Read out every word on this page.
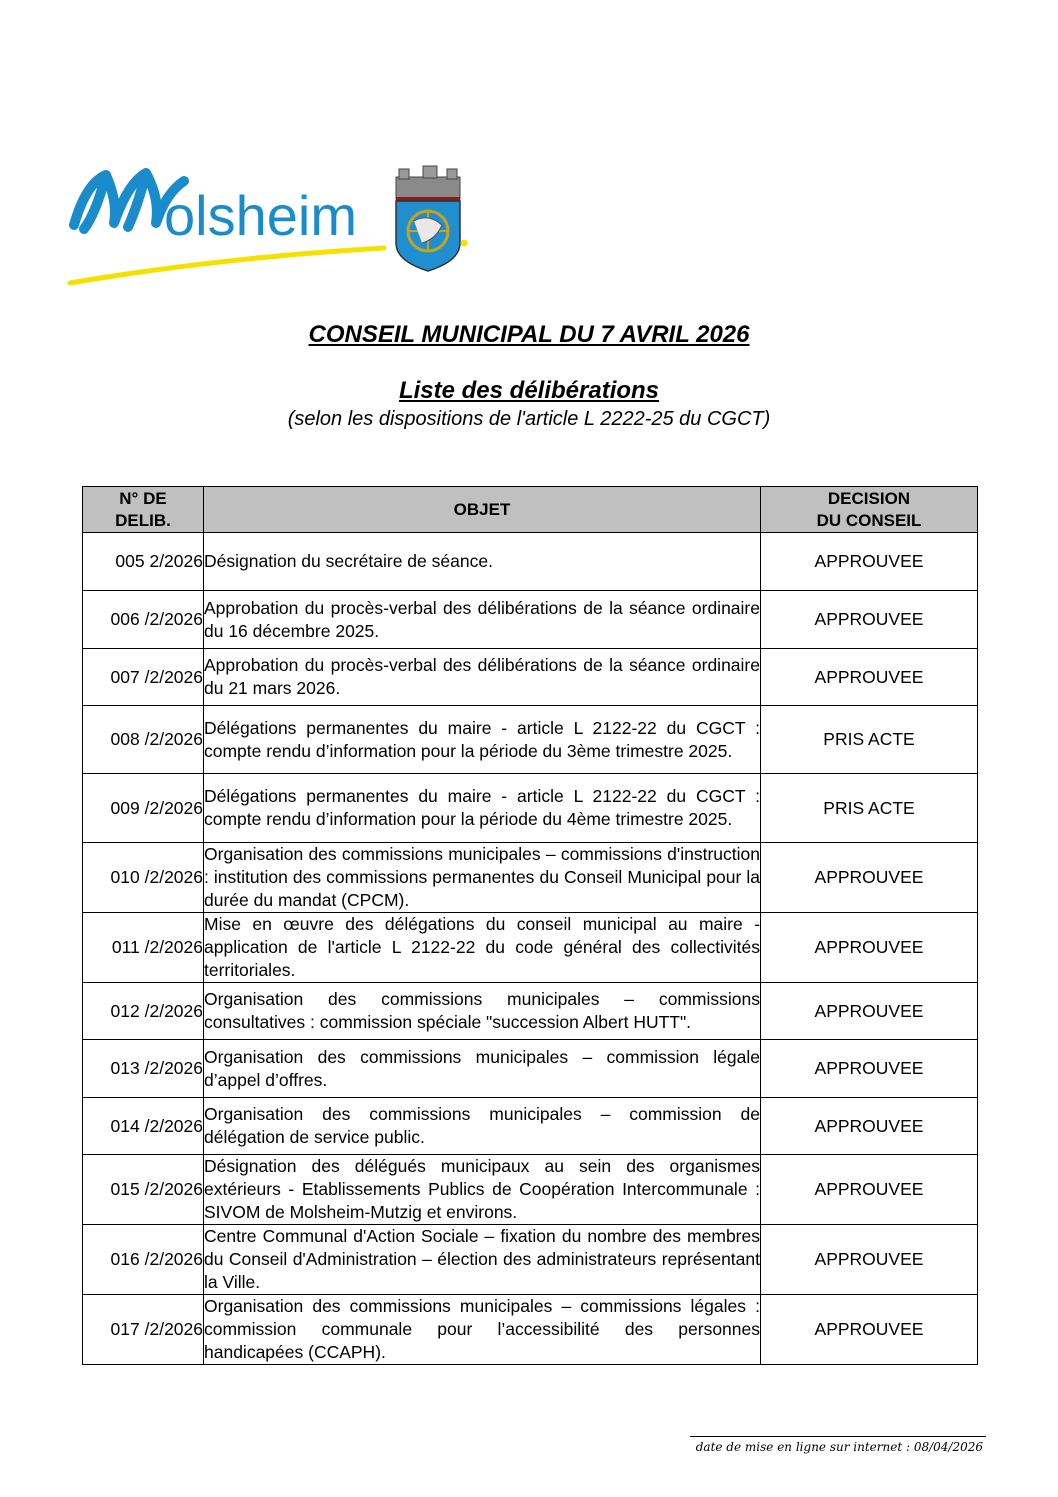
olsheim
CONSEIL MUNICIPAL DU 7 AVRIL 2026
Liste des délibérations
(selon les dispositions de l'article L 2222-25 du CGCT)
N° DE
DELIB.	OBJET	DECISION
DU CONSEIL
005 2/2026	Désignation du secrétaire de séance.	APPROUVEE
006 /2/2026	Approbation du procès-verbal des délibérations de la séance ordinaire du 16 décembre 2025.	APPROUVEE
007 /2/2026	Approbation du procès-verbal des délibérations de la séance ordinaire du 21 mars 2026.	APPROUVEE
008 /2/2026	Délégations permanentes du maire - article L 2122-22 du CGCT : compte rendu d’information pour la période du 3ème trimestre 2025.	PRIS ACTE
009 /2/2026	Délégations permanentes du maire - article L 2122-22 du CGCT : compte rendu d’information pour la période du 4ème trimestre 2025.	PRIS ACTE
010 /2/2026	Organisation des commissions municipales – commissions d'instruction : institution des commissions permanentes du Conseil Municipal pour la durée du mandat (CPCM).	APPROUVEE
011 /2/2026	Mise en œuvre des délégations du conseil municipal au maire - application de l'article L 2122-22 du code général des collectivités territoriales.	APPROUVEE
012 /2/2026	Organisation des commissions municipales – commissions consultatives : commission spéciale "succession Albert HUTT".	APPROUVEE
013 /2/2026	Organisation des commissions municipales – commission légale d’appel d’offres.	APPROUVEE
014 /2/2026	Organisation des commissions municipales – commission de délégation de service public.	APPROUVEE
015 /2/2026	Désignation des délégués municipaux au sein des organismes extérieurs - Etablissements Publics de Coopération Intercommunale : SIVOM de Molsheim-Mutzig et environs.	APPROUVEE
016 /2/2026	Centre Communal d'Action Sociale – fixation du nombre des membres du Conseil d'Administration – élection des administrateurs représentant la Ville.	APPROUVEE
017 /2/2026	Organisation des commissions municipales – commissions légales : commission communale pour l’accessibilité des personnes handicapées (CCAPH).	APPROUVEE
date de mise en ligne sur internet : 08/04/2026
